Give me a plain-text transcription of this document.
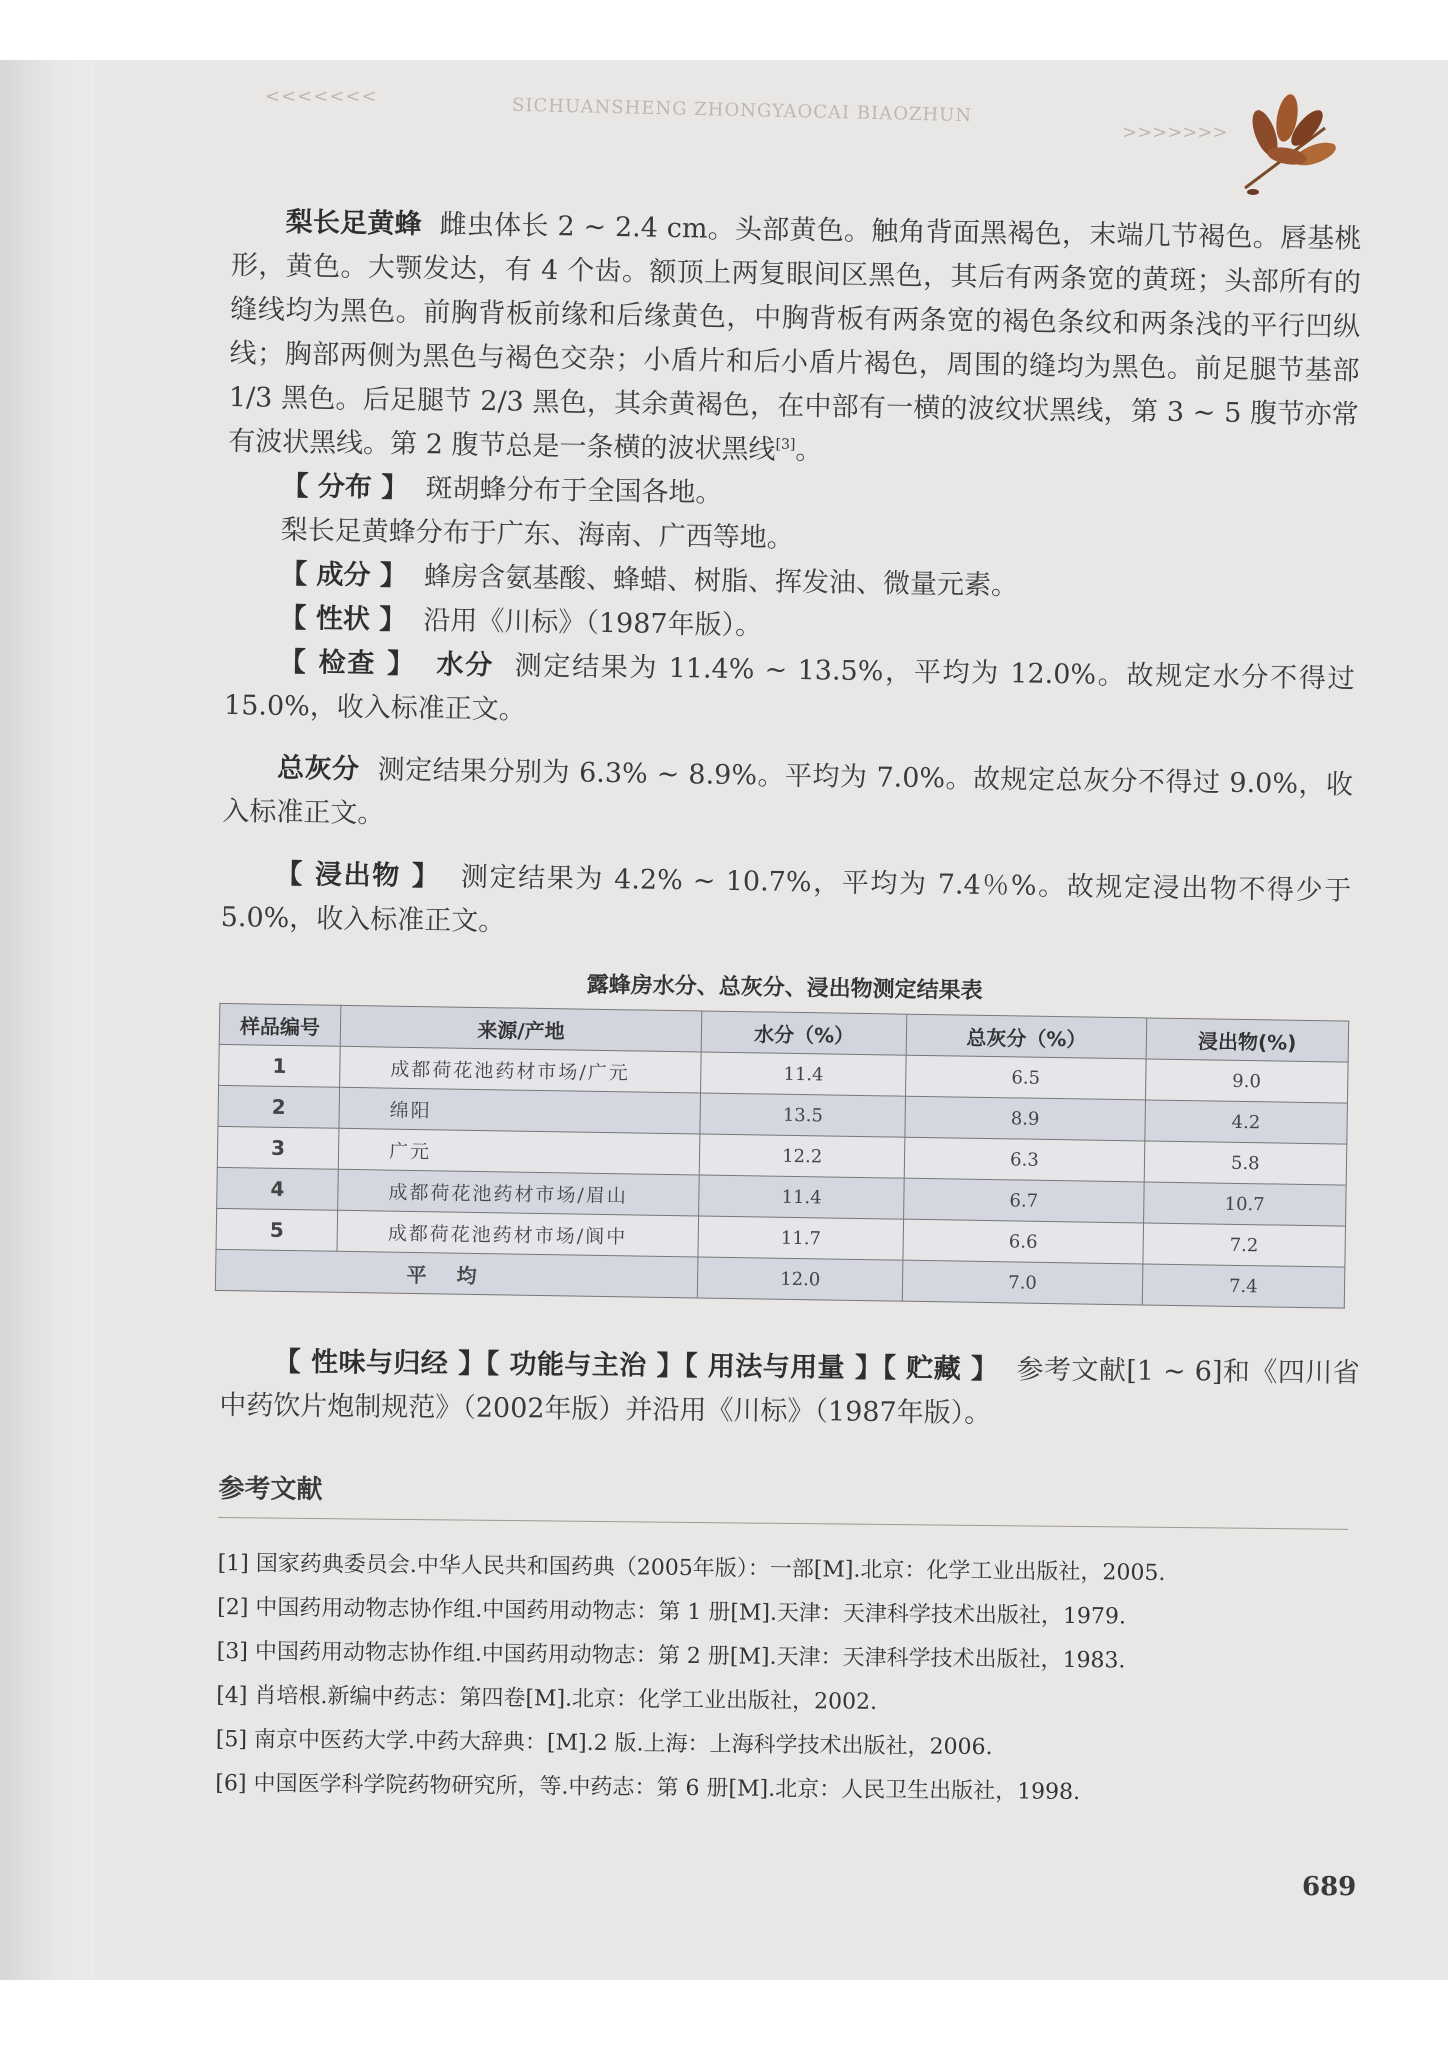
<<<<<<<	SICHUANSHENG ZHONGYAOCAI BIAOZHUN
>>>>>>>

梨长足黄蜂 雌虫体长 2 ~ 2.4 cm。头部黄色。触角背面黑褐色，末端几节褐色。唇基桃形，黄色。大颚发达，有 4 个齿。额顶上两复眼间区黑色，其后有两条宽的黄斑；头部所有的缝线均为黑色。前胸背板前缘和后缘黄色，中胸背板有两条宽的褐色条纹和两条浅的平行凹纵线；胸部两侧为黑色与褐色交杂；小盾片和后小盾片褐色，周围的缝均为黑色。前足腿节基部 1/3 黑色。后足腿节 2/3 黑色，其余黄褐色，在中部有一横的波纹状黑线，第 3 ~ 5 腹节亦常有波状黑线。第 2 腹节总是一条横的波状黑线[3]。

【 分布 】 斑胡蜂分布于全国各地。

梨长足黄蜂分布于广东、海南、广西等地。

【 成分 】 蜂房含氨基酸、蜂蜡、树脂、挥发油、微量元素。

【 性状 】 沿用《川标》（1987年版）。

【 检查 】 水分 测定结果为 11.4% ~ 13.5%，平均为 12.0%。故规定水分不得过 15.0%，收入标准正文。

总灰分 测定结果分别为 6.3% ~ 8.9%。平均为 7.0%。故规定总灰分不得过 9.0%，收入标准正文。

【 浸出物 】 测定结果为 4.2% ~ 10.7%，平均为 7.4％%。故规定浸出物不得少于 5.0%，收入标准正文。

露蜂房水分、总灰分、浸出物测定结果表
样品编号	来源/产地	水分（%）	总灰分（%）	浸出物(%)
1	成都荷花池药材市场/广元	11.4	6.5	9.0
2	绵阳	13.5	8.9	4.2
3	广元	12.2	6.3	5.8
4	成都荷花池药材市场/眉山	11.4	6.7	10.7
5	成都荷花池药材市场/阆中	11.7	6.6	7.2
平均		12.0	7.0	7.4

【 性味与归经 】【 功能与主治 】【 用法与用量 】【 贮藏 】 参考文献[1 ~ 6]和《四川省中药饮片炮制规范》（2002年版）并沿用《川标》（1987年版）。

参考文献

[1] 国家药典委员会.中华人民共和国药典（2005年版）：一部[M].北京：化学工业出版社，2005.

[2] 中国药用动物志协作组.中国药用动物志：第 1 册[M].天津：天津科学技术出版社，1979.

[3] 中国药用动物志协作组.中国药用动物志：第 2 册[M].天津：天津科学技术出版社，1983.

[4] 肖培根.新编中药志：第四卷[M].北京：化学工业出版社，2002.

[5] 南京中医药大学.中药大辞典：[M].2 版.上海：上海科学技术出版社，2006.

[6] 中国医学科学院药物研究所，等.中药志：第 6 册[M].北京：人民卫生出版社，1998.

689
